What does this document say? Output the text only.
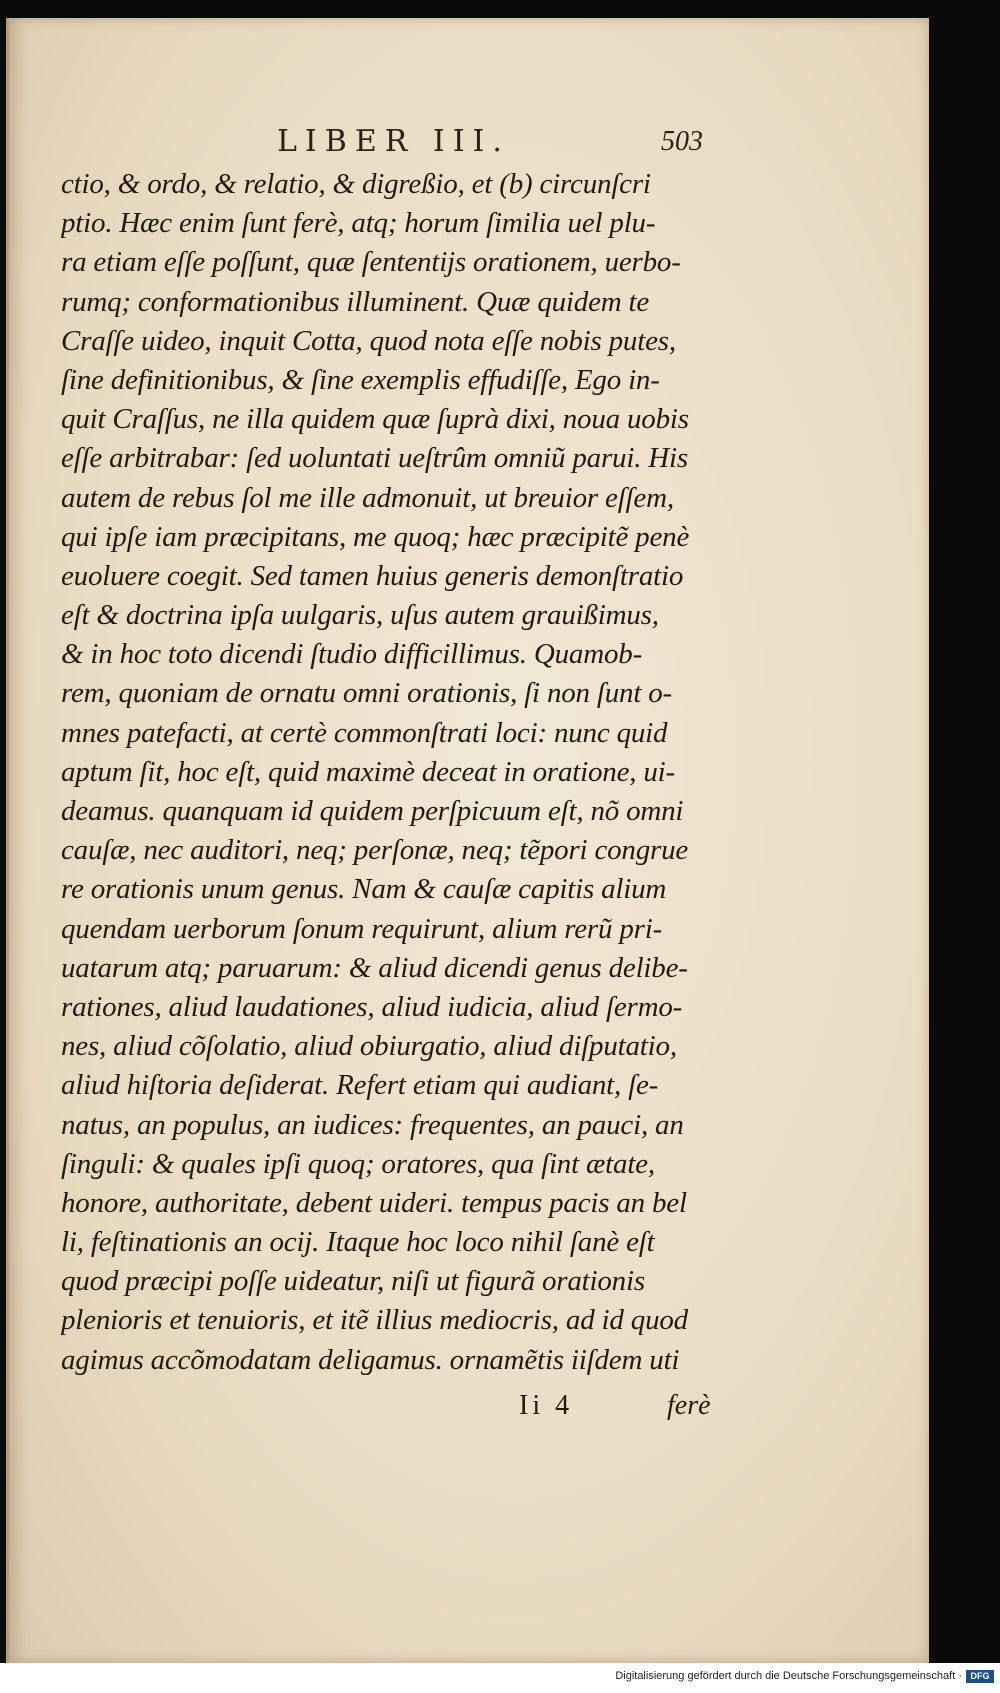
LIBER III.	503
ctio, & ordo, & relatio, & digreßio, et (b) circunſcri
ptio. Hæc enim ſunt ferè, atq; horum ſimilia uel plu-
ra etiam eſſe poſſunt, quæ ſententijs orationem, uerbo-
rumq; conformationibus illuminent. Quæ quidem te
Craſſe uideo, inquit Cotta, quod nota eſſe nobis putes,
ſine definitionibus, & ſine exemplis effudiſſe, Ego in-
quit Craſſus, ne illa quidem quæ ſuprà dixi, noua uobis
eſſe arbitrabar: ſed uoluntati ueſtrûm omniũ parui. His
autem de rebus ſol me ille admonuit, ut breuior eſſem,
qui ipſe iam præcipitans, me quoq; hæc præcipitẽ penè
euoluere coegit. Sed tamen huius generis demonſtratio
eſt & doctrina ipſa uulgaris, uſus autem grauißimus,
& in hoc toto dicendi ſtudio difficillimus. Quamob-
rem, quoniam de ornatu omni orationis, ſi non ſunt o-
mnes patefacti, at certè commonſtrati loci: nunc quid
aptum ſit, hoc eſt, quid maximè deceat in oratione, ui-
deamus. quanquam id quidem perſpicuum eſt, nõ omni
cauſæ, nec auditori, neq; perſonæ, neq; tẽpori congrue
re orationis unum genus. Nam & cauſæ capitis alium
quendam uerborum ſonum requirunt, alium rerũ pri-
uatarum atq; paruarum: & aliud dicendi genus delibe-
rationes, aliud laudationes, aliud iudicia, aliud ſermo-
nes, aliud cõſolatio, aliud obiurgatio, aliud diſputatio,
aliud hiſtoria deſiderat. Refert etiam qui audiant, ſe-
natus, an populus, an iudices: frequentes, an pauci, an
ſinguli: & quales ipſi quoq; oratores, qua ſint ætate,
honore, authoritate, debent uideri. tempus pacis an bel
li, feſtinationis an ocij. Itaque hoc loco nihil ſanè eſt
quod præcipi poſſe uideatur, niſi ut figurã orationis
plenioris et tenuioris, et itẽ illius mediocris, ad id quod
agimus accõmodatam deligamus. ornamẽtis iiſdem uti
Ii 4	ferè
Digitalisierung gefördert durch die Deutsche Forschungsgemeinschaft · DFG
